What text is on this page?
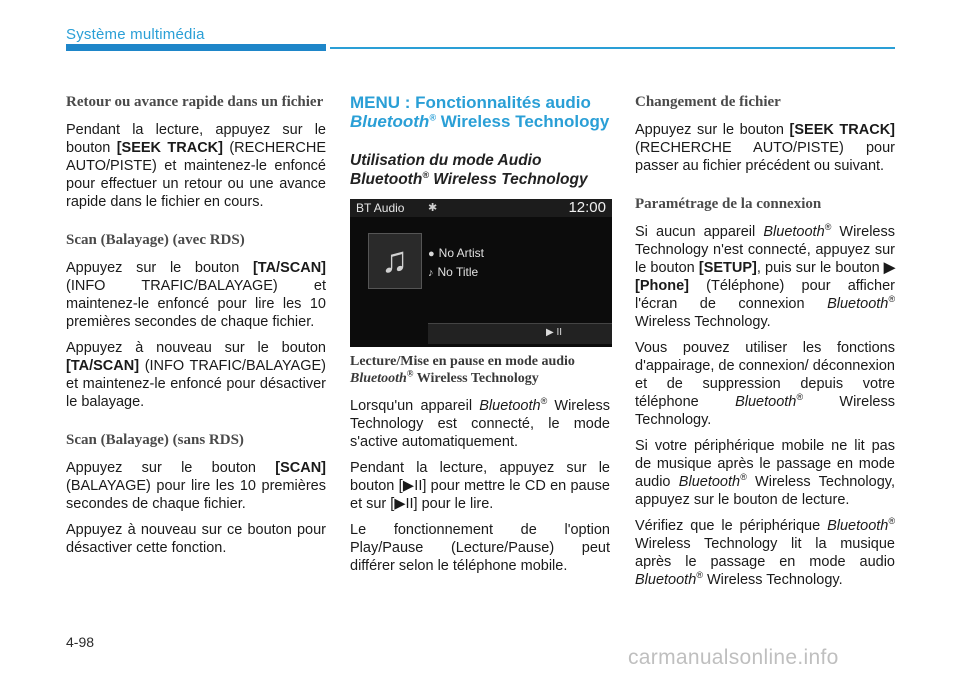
Système multimédia
Retour ou avance rapide dans un fichier

Pendant la lecture, appuyez sur le bouton [SEEK TRACK] (RECHERCHE AUTO/PISTE) et maintenez-le enfoncé pour effectuer un retour ou une avance rapide dans le fichier en cours.

Scan (Balayage) (avec RDS)

Appuyez sur le bouton [TA/SCAN] (INFO TRAFIC/BALAYAGE) et maintenez-le enfoncé pour lire les 10 premières secondes de chaque fichier.

Appuyez à nouveau sur le bouton [TA/SCAN] (INFO TRAFIC/BALAYAGE) et maintenez-le enfoncé pour désactiver le balayage.

Scan (Balayage) (sans RDS)

Appuyez sur le bouton [SCAN] (BALAYAGE) pour lire les 10 premières secondes de chaque fichier.

Appuyez à nouveau sur ce bouton pour désactiver cette fonction.

MENU : Fonctionnalités audio
Bluetooth® Wireless Technology
Utilisation du mode Audio
Bluetooth® Wireless Technology
BT Audio ✱	12:00
♫ ● No Artist
♪ No Title
▶ II
Lecture/Mise en pause en mode audio
Bluetooth® Wireless Technology

Lorsqu'un appareil Bluetooth® Wireless Technology est connecté, le mode s'active automatiquement.

Pendant la lecture, appuyez sur le bouton [▶II] pour mettre le CD en pause et sur [▶II] pour le lire.

Le fonctionnement de l'option Play/Pause (Lecture/Pause) peut différer selon le téléphone mobile.

Changement de fichier

Appuyez sur le bouton [SEEK TRACK] (RECHERCHE AUTO/PISTE) pour passer au fichier précédent ou suivant.

Paramétrage de la connexion

Si aucun appareil Bluetooth® Wireless Technology n'est connecté, appuyez sur le bouton [SETUP], puis sur le bouton ▶ [Phone] (Téléphone) pour afficher l'écran de connexion Bluetooth® Wireless Technology.

Vous pouvez utiliser les fonctions d'appairage, de connexion/ déconnexion et de suppression depuis votre téléphone Bluetooth® Wireless Technology.

Si votre périphérique mobile ne lit pas de musique après le passage en mode audio Bluetooth® Wireless Technology, appuyez sur le bouton de lecture.

Vérifiez que le périphérique Bluetooth® Wireless Technology lit la musique après le passage en mode audio Bluetooth® Wireless Technology.

4-98
carmanualsonline.info
